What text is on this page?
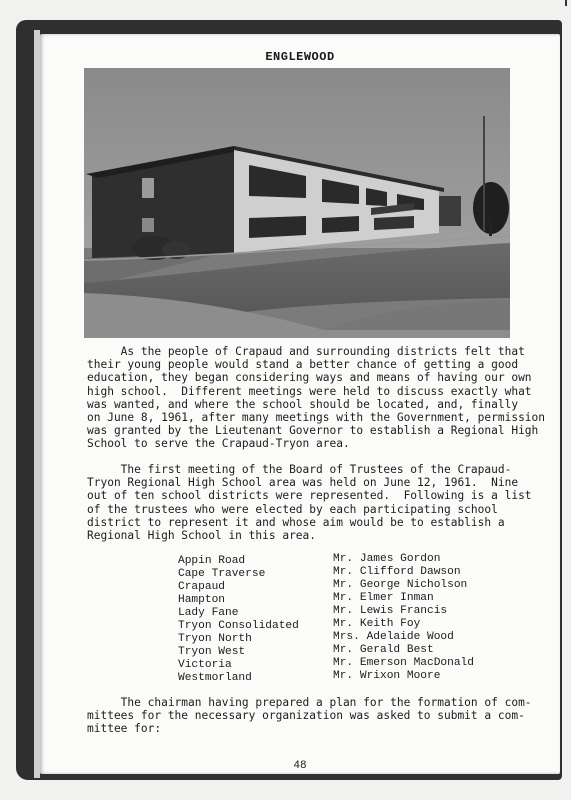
ENGLEWOOD
As the people of Crapaud and surrounding districts felt that
their young people would stand a better chance of getting a good
education, they began considering ways and means of having our
high school.  Different meetings were held to discuss exactly
was wanted, and where the school should be located, and, finally
on June 8, 1961, after many meetings with the Government, permission
was granted by the Lieutenant Governor to establish a Regional
School to serve the Crapaud-Tryon area.
The first meeting of the Board of Trustees of the Crapaud-
Tryon Regional High School area was held on June 12, 1961.  Nine
out of ten school districts were represented.  Following is a
of the trustees who were elected by each participating school
district to represent it and whose aim would be to establish a
Regional High School in this area.
Appin Road	Mr. James Gordon
Cape Traverse	Mr. Clifford Dawson
Crapaud	Mr. George Nicholson
Hampton	Mr. Elmer Inman
Lady Fane	Mr. Lewis Francis
Tryon Consolidated	Mr. Keith Foy
Tryon North	Mrs. Adelaide Wood
Tryon West	Mr. Gerald Best
Victoria	Mr. Emerson MacDonald
Westmorland	Mr. Wrixon Moore
The chairman having prepared a plan for the formation of
mittees for the necessary organization was asked to submit a com-
mittee for:
48
